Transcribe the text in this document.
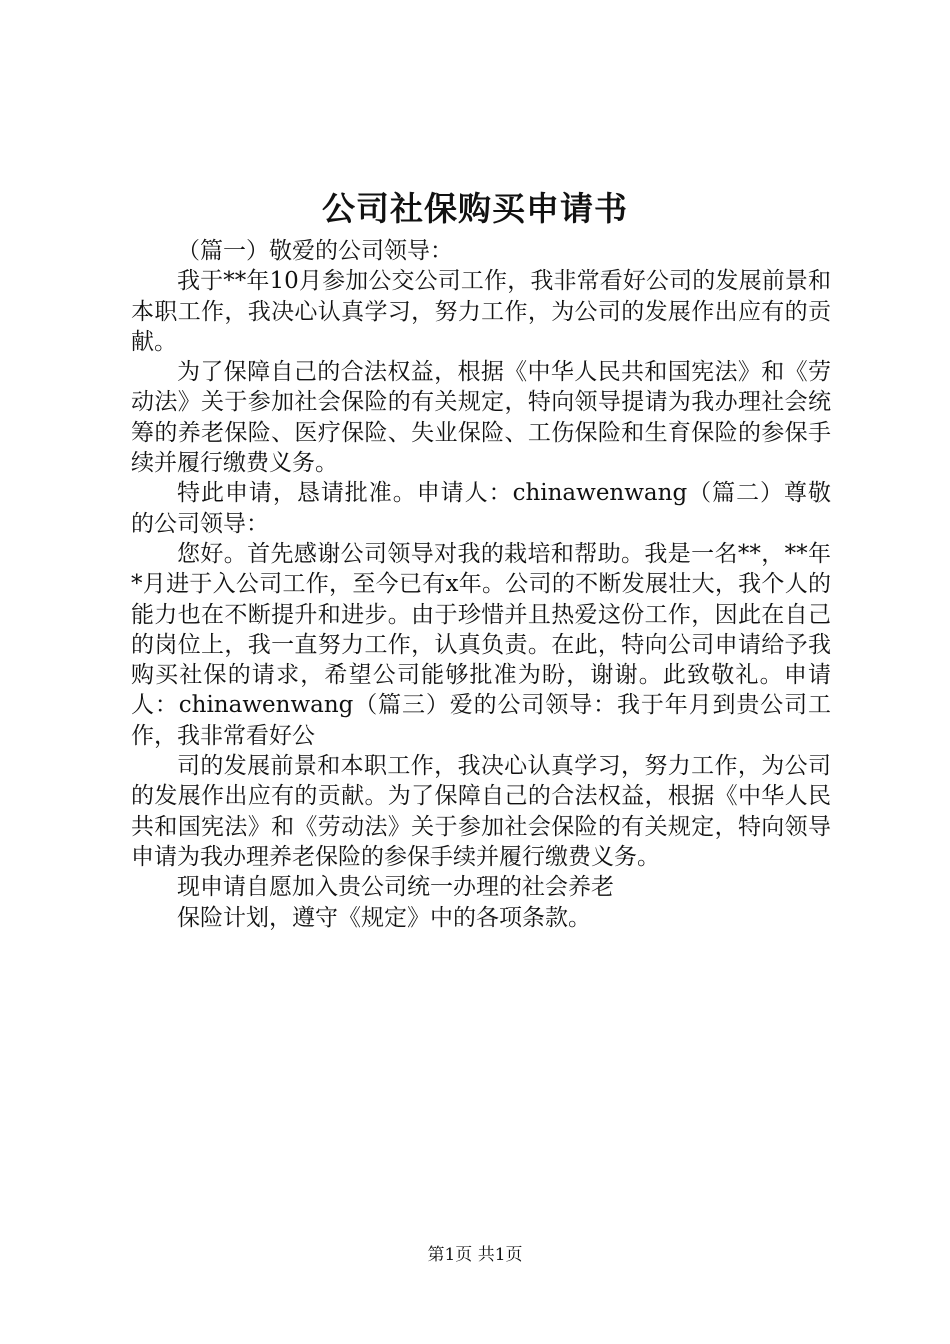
公司社保购买申请书

（篇一）敬爱的公司领导：

我于**年10月参加公交公司工作，我非常看好公司的发展前景和本职工作，我决心认真学习，努力工作，为公司的发展作出应有的贡献。

为了保障自己的合法权益，根据《中华人民共和国宪法》和《劳动法》关于参加社会保险的有关规定，特向领导提请为我办理社会统筹的养老保险、医疗保险、失业保险、工伤保险和生育保险的参保手续并履行缴费义务。

特此申请，恳请批准。申请人：chinawenwang（篇二）尊敬的公司领导：

您好。首先感谢公司领导对我的栽培和帮助。我是一名**，**年*月进于入公司工作，至今已有x年。公司的不断发展壮大，我个人的能力也在不断提升和进步。由于珍惜并且热爱这份工作，因此在自己的岗位上，我一直努力工作，认真负责。在此，特向公司申请给予我购买社保的请求，希望公司能够批准为盼，谢谢。此致敬礼。申请人：chinawenwang（篇三）爱的公司领导：我于年月到贵公司工作，我非常看好公

司的发展前景和本职工作，我决心认真学习，努力工作，为公司的发展作出应有的贡献。为了保障自己的合法权益，根据《中华人民共和国宪法》和《劳动法》关于参加社会保险的有关规定，特向领导申请为我办理养老保险的参保手续并履行缴费义务。

现申请自愿加入贵公司统一办理的社会养老

保险计划，遵守《规定》中的各项条款。

第1页 共1页
